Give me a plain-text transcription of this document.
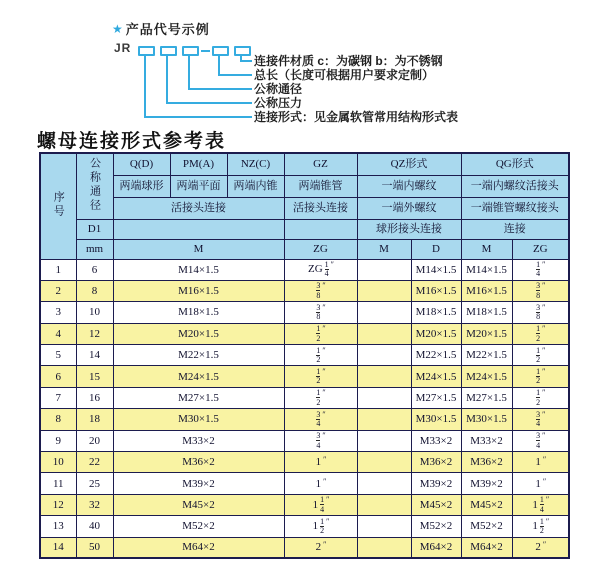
★ 产品代号示例
JR
连接件材质 c：为碳钢 b：为不锈钢
总长（长度可根据用户要求定制）
公称通径
公称压力
连接形式：见金属软管常用结构形式表
螺母连接形式参考表
序号	公称通径	Q(D)	PM(A)	NZ(C)	GZ	QZ形式		QG形式	
		两端球形	两端平面	两端内锥	两端锥管	一端内螺纹		一端内螺纹活接头	
		活接头连接			活接头连接	一端外螺纹		一端锥管螺纹接头	
	D1					球形接头连接		连接	
	mm	M			ZG	M	D	M	ZG
1	6	M14×1.5			ZG $\frac{1}{4} ''$		M14×1.5	M14×1.5	$\frac{1}{4} ''$
2	8	M16×1.5			$\frac{3}{8} ''$		M16×1.5	M16×1.5	$\frac{3}{8} ''$
3	10	M18×1.5			$\frac{3}{8} ''$		M18×1.5	M18×1.5	$\frac{3}{8} ''$
4	12	M20×1.5			$\frac{1}{2} ''$		M20×1.5	M20×1.5	$\frac{1}{2} ''$
5	14	M22×1.5			$\frac{1}{2} ''$		M22×1.5	M22×1.5	$\frac{1}{2} ''$
6	15	M24×1.5			$\frac{1}{2} ''$		M24×1.5	M24×1.5	$\frac{1}{2} ''$
7	16	M27×1.5			$\frac{1}{2} ''$		M27×1.5	M27×1.5	$\frac{1}{2} ''$
8	18	M30×1.5			$\frac{3}{4} ''$		M30×1.5	M30×1.5	$\frac{3}{4} ''$
9	20	M33×2			$\frac{3}{4} ''$		M33×2	M33×2	$\frac{3}{4} ''$
10	22	M36×2			1 ″		M36×2	M36×2	1 ″
11	25	M39×2			1 ″		M39×2	M39×2	1 ″
12	32	M45×2			$1 \frac{1}{4} ''$		M45×2	M45×2	$1 \frac{1}{4} ''$
13	40	M52×2			$1 \frac{1}{2} ''$		M52×2	M52×2	$1 \frac{1}{2} ''$
14	50	M64×2			2 ″		M64×2	M64×2	2 ″
